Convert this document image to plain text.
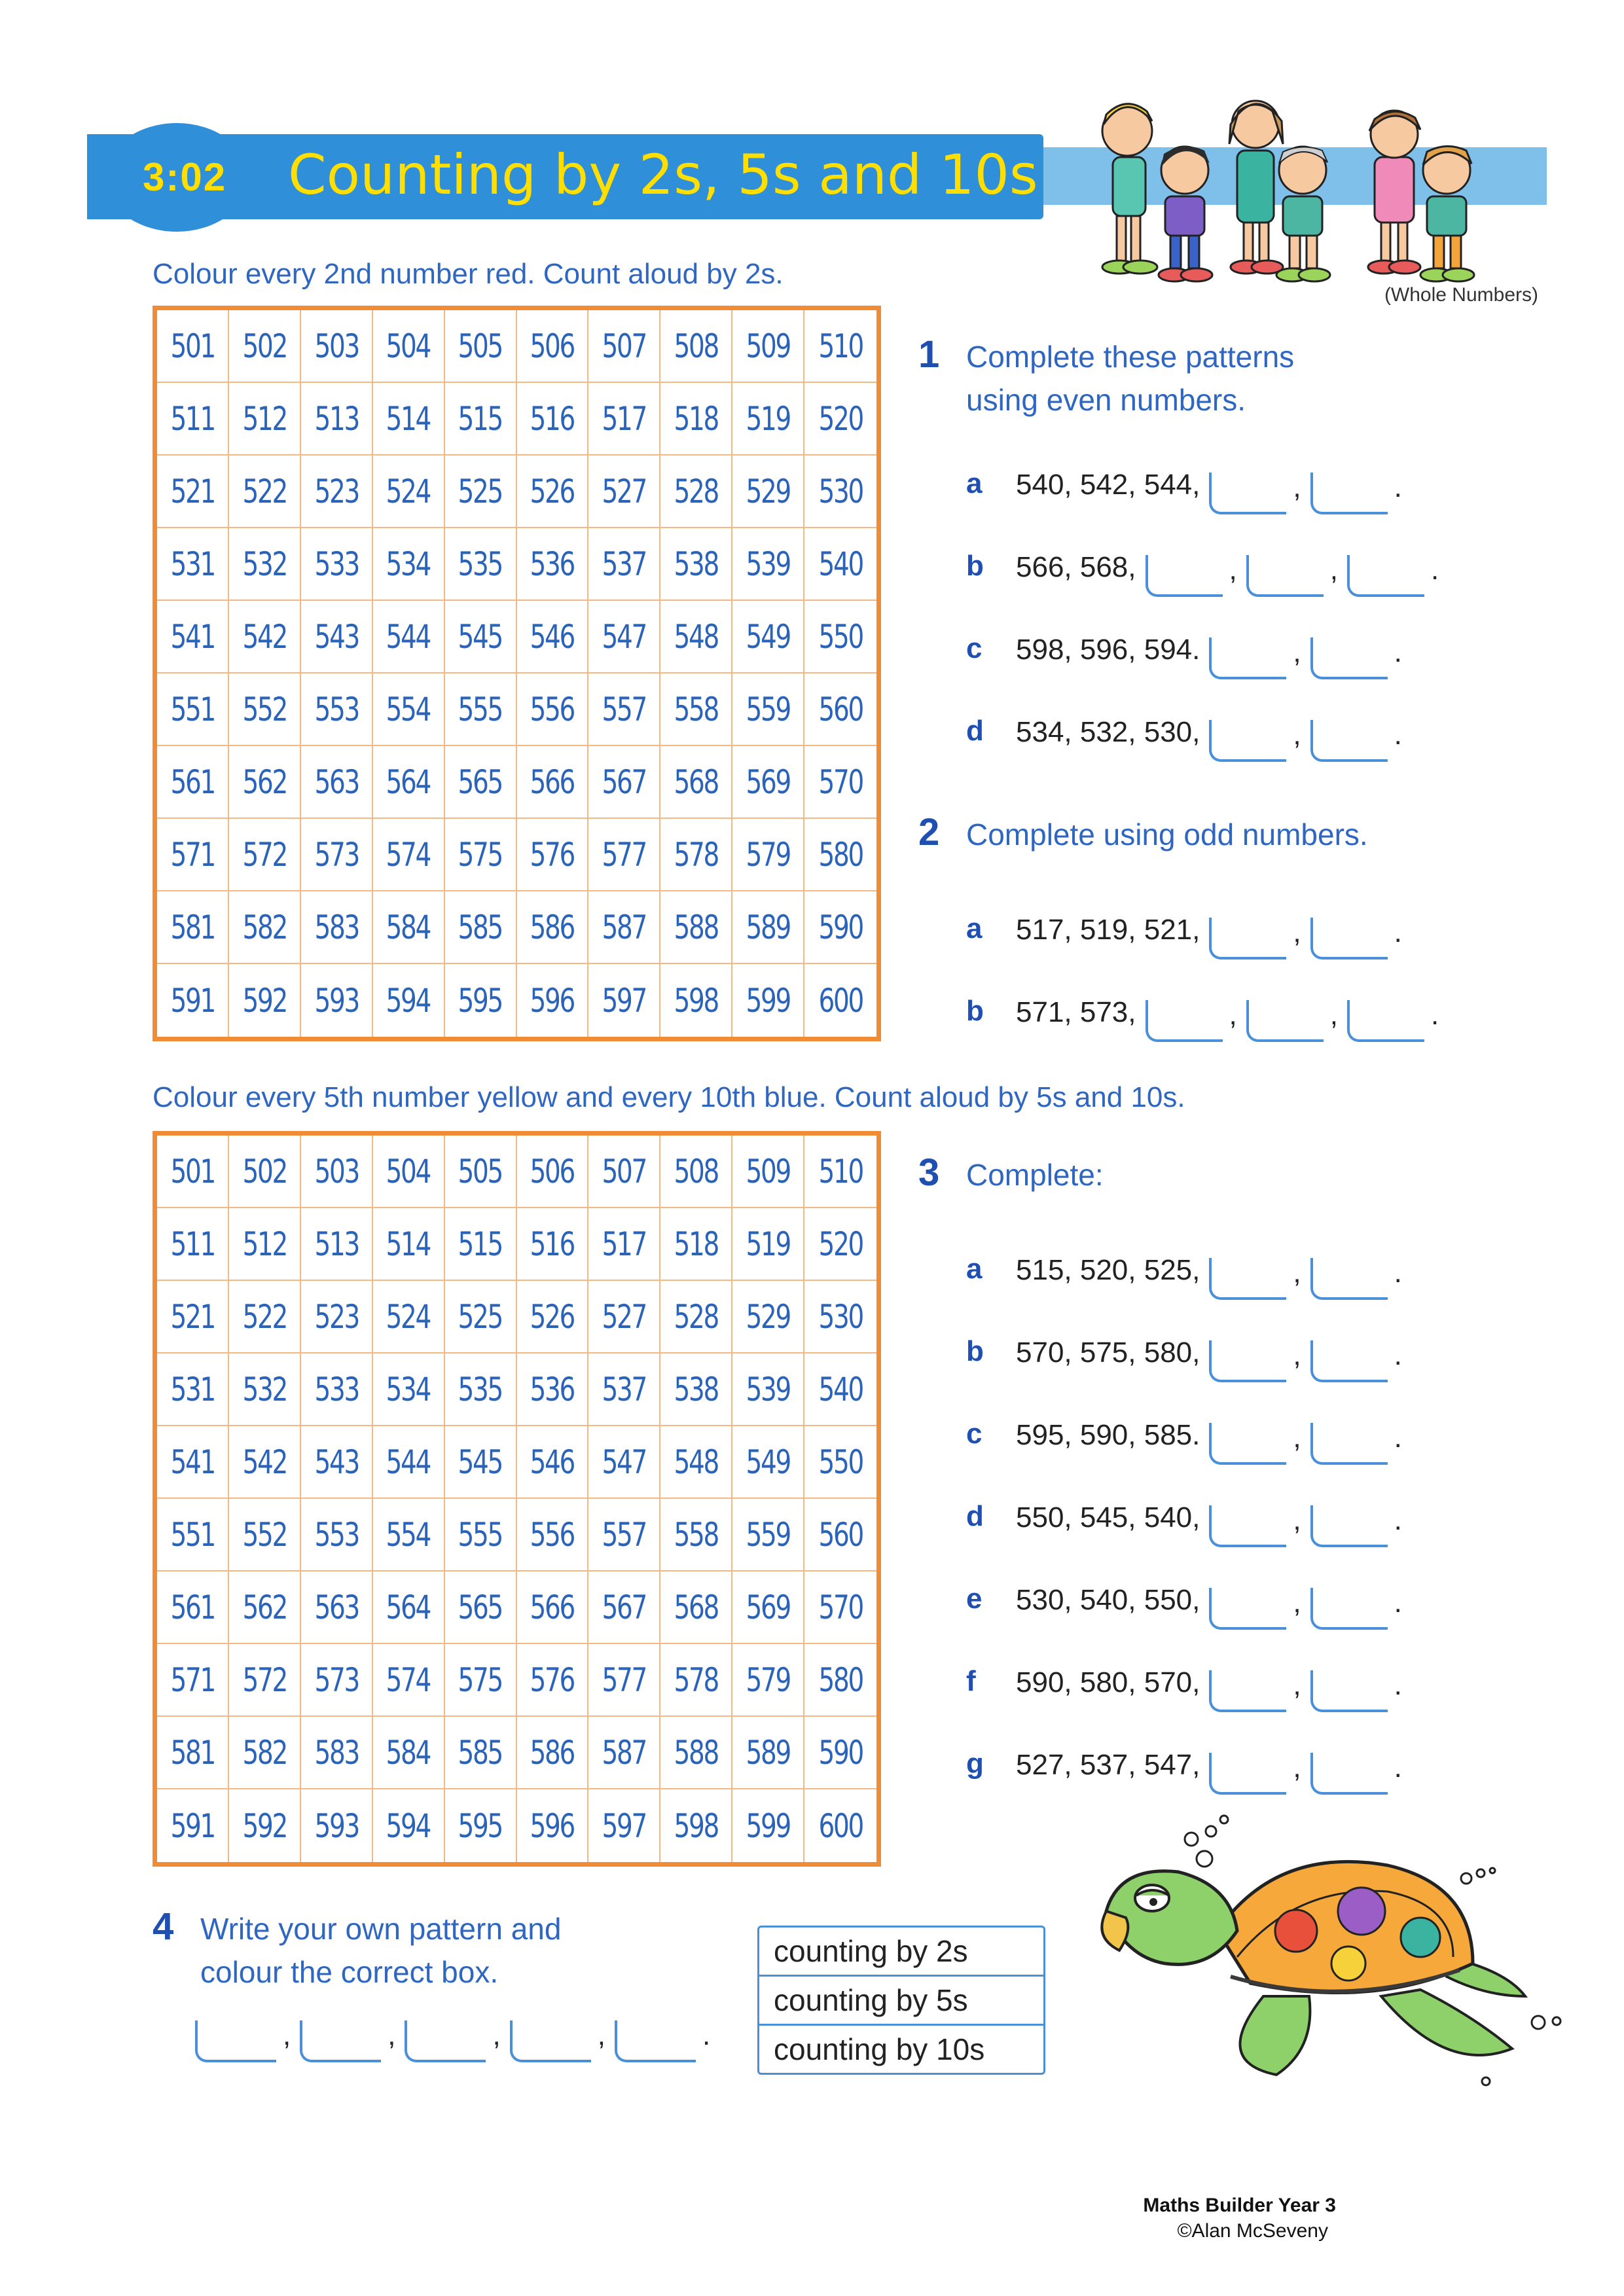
3:02 Counting by 2s, 5s and 10s
(Whole Numbers)
Colour every 2nd number red. Count aloud by 2s.
501 502 503 504 505 506 507 508 509 510
511 512 513 514 515 516 517 518 519 520
521 522 523 524 525 526 527 528 529 530
531 532 533 534 535 536 537 538 539 540
541 542 543 544 545 546 547 548 549 550
551 552 553 554 555 556 557 558 559 560
561 562 563 564 565 566 567 568 569 570
571 572 573 574 575 576 577 578 579 580
581 582 583 584 585 586 587 588 589 590
591 592 593 594 595 596 597 598 599 600
Colour every 5th number yellow and every 10th blue. Count aloud by 5s and 10s.
501 502 503 504 505 506 507 508 509 510
511 512 513 514 515 516 517 518 519 520
521 522 523 524 525 526 527 528 529 530
531 532 533 534 535 536 537 538 539 540
541 542 543 544 545 546 547 548 549 550
551 552 553 554 555 556 557 558 559 560
561 562 563 564 565 566 567 568 569 570
571 572 573 574 575 576 577 578 579 580
581 582 583 584 585 586 587 588 589 590
591 592 593 594 595 596 597 598 599 600
1 Complete these patterns
using even numbers.
a	540, 542, 544,	,	.
b	566, 568,	,	,	.
c	598, 596, 594.	,	.
d	534, 532, 530,	,	.
2 Complete using odd numbers.
a	517, 519, 521,	,	.
b	571, 573,	,	,	.
3 Complete:
a	515, 520, 525,	,	.
b	570, 575, 580,	,	.
c	595, 590, 585.	,	.
d	550, 545, 540,	,	.
e	530, 540, 550,	,	.
f	590, 580, 570,	,	.
g	527, 537, 547,	,	.
4 Write your own pattern and
colour the correct box.
,	,	,	,	.
counting by 2s
counting by 5s
counting by 10s
Maths Builder Year 3
©Alan McSeveny
